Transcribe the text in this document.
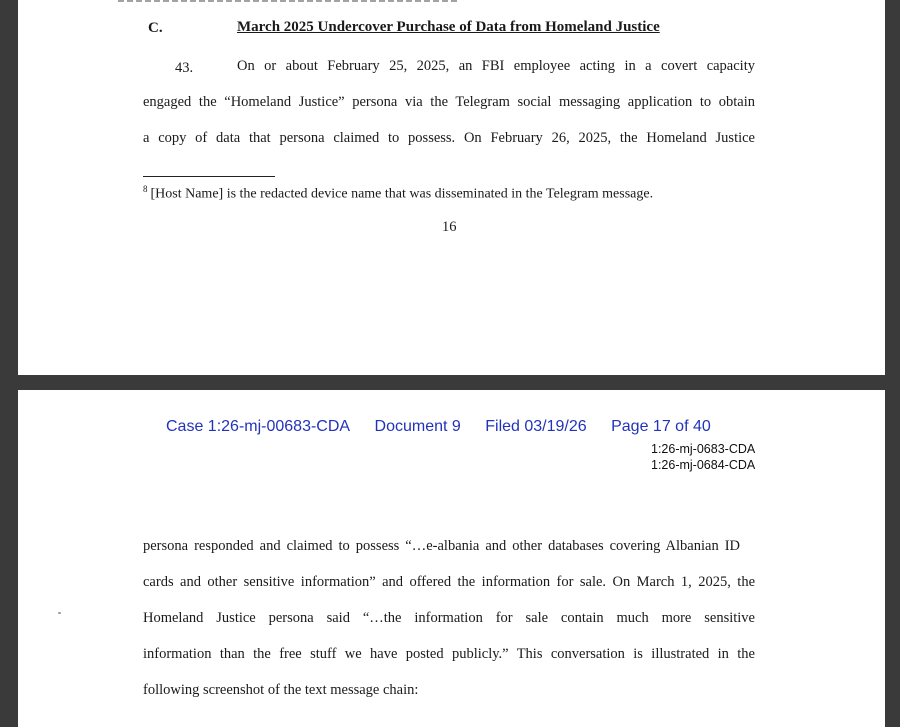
C.	March 2025 Undercover Purchase of Data from Homeland Justice
43.	On or about February 25, 2025, an FBI employee acting in a covert capacity
engaged the “Homeland Justice” persona via the Telegram social messaging application to obtain
a copy of data that persona claimed to possess. On February 26, 2025, the Homeland Justice
$^8$ [Host Name] is the redacted device name that was disseminated in the Telegram message.
16
Case 1:26-mj-00683-CDA Document 9 Filed 03/19/26 Page 17 of 40
1:26-mj-0683-CDA
1:26-mj-0684-CDA
persona responded and claimed to possess “…e-albania and other databases covering Albanian ID
cards and other sensitive information” and offered the information for sale. On March 1, 2025, the
Homeland Justice persona said “…the information for sale contain much more sensitive
information than the free stuff we have posted publicly.” This conversation is illustrated in the
following screenshot of the text message chain:
